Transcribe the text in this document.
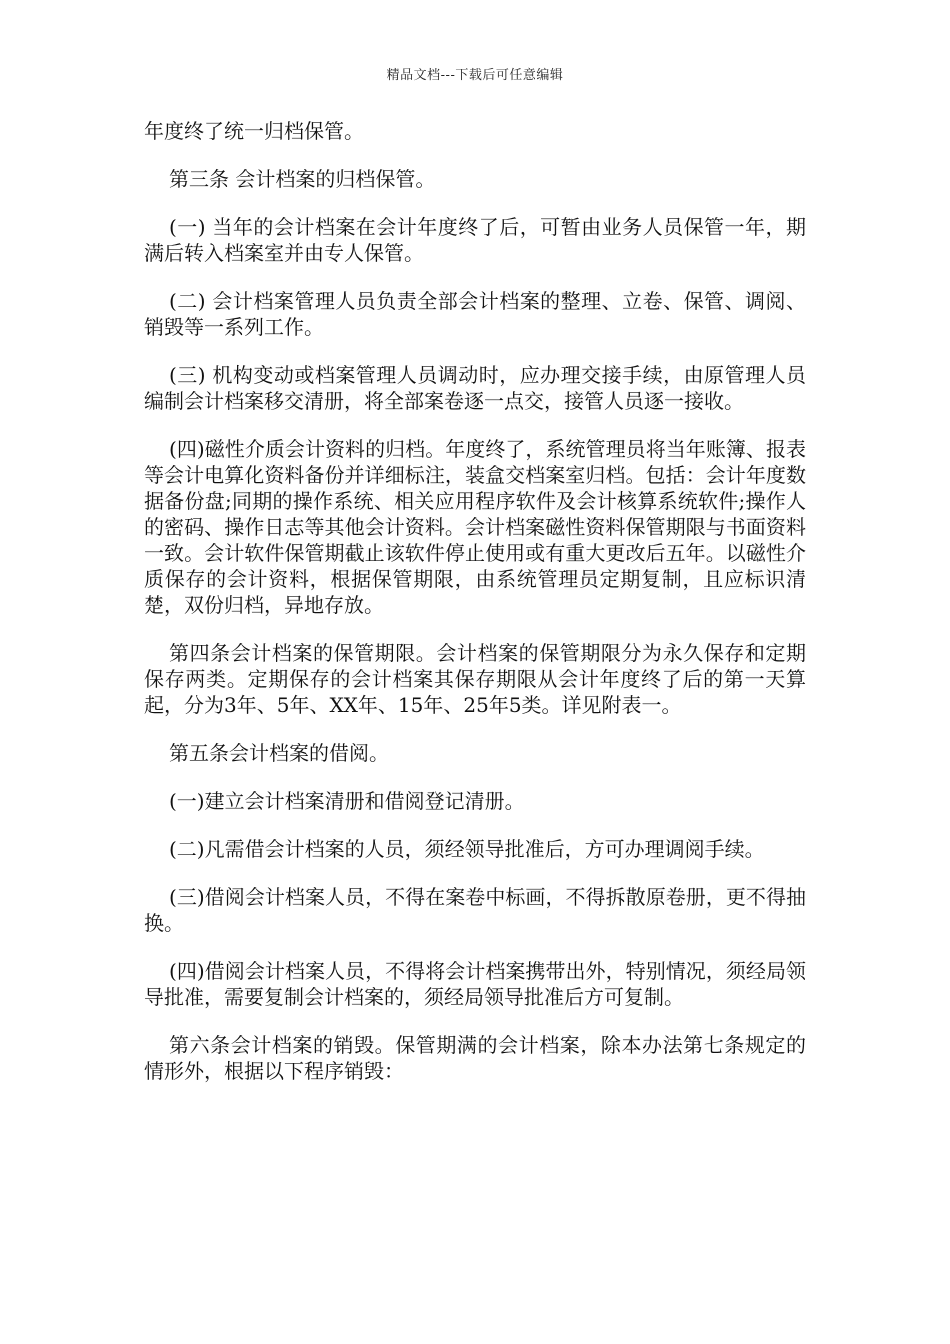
精品文档---下载后可任意编辑

年度终了统一归档保管。

第三条 会计档案的归档保管。

(一) 当年的会计档案在会计年度终了后，可暂由业务人员保管一年，期满后转入档案室并由专人保管。

(二) 会计档案管理人员负责全部会计档案的整理、立卷、保管、调阅、销毁等一系列工作。

(三) 机构变动或档案管理人员调动时，应办理交接手续，由原管理人员编制会计档案移交清册，将全部案卷逐一点交，接管人员逐一接收。

(四)磁性介质会计资料的归档。年度终了，系统管理员将当年账簿、报表等会计电算化资料备份并详细标注，装盒交档案室归档。包括：会计年度数据备份盘;同期的操作系统、相关应用程序软件及会计核算系统软件;操作人的密码、操作日志等其他会计资料。会计档案磁性资料保管期限与书面资料一致。会计软件保管期截止该软件停止使用或有重大更改后五年。以磁性介质保存的会计资料，根据保管期限，由系统管理员定期复制，且应标识清楚，双份归档，异地存放。

第四条会计档案的保管期限。会计档案的保管期限分为永久保存和定期保存两类。定期保存的会计档案其保存期限从会计年度终了后的第一天算起，分为3年、5年、XX年、15年、25年5类。详见附表一。

第五条会计档案的借阅。

(一)建立会计档案清册和借阅登记清册。

(二)凡需借会计档案的人员，须经领导批准后，方可办理调阅手续。

(三)借阅会计档案人员，不得在案卷中标画，不得拆散原卷册，更不得抽换。

(四)借阅会计档案人员，不得将会计档案携带出外，特别情况，须经局领导批准，需要复制会计档案的，须经局领导批准后方可复制。

第六条会计档案的销毁。保管期满的会计档案，除本办法第七条规定的情形外，根据以下程序销毁：
